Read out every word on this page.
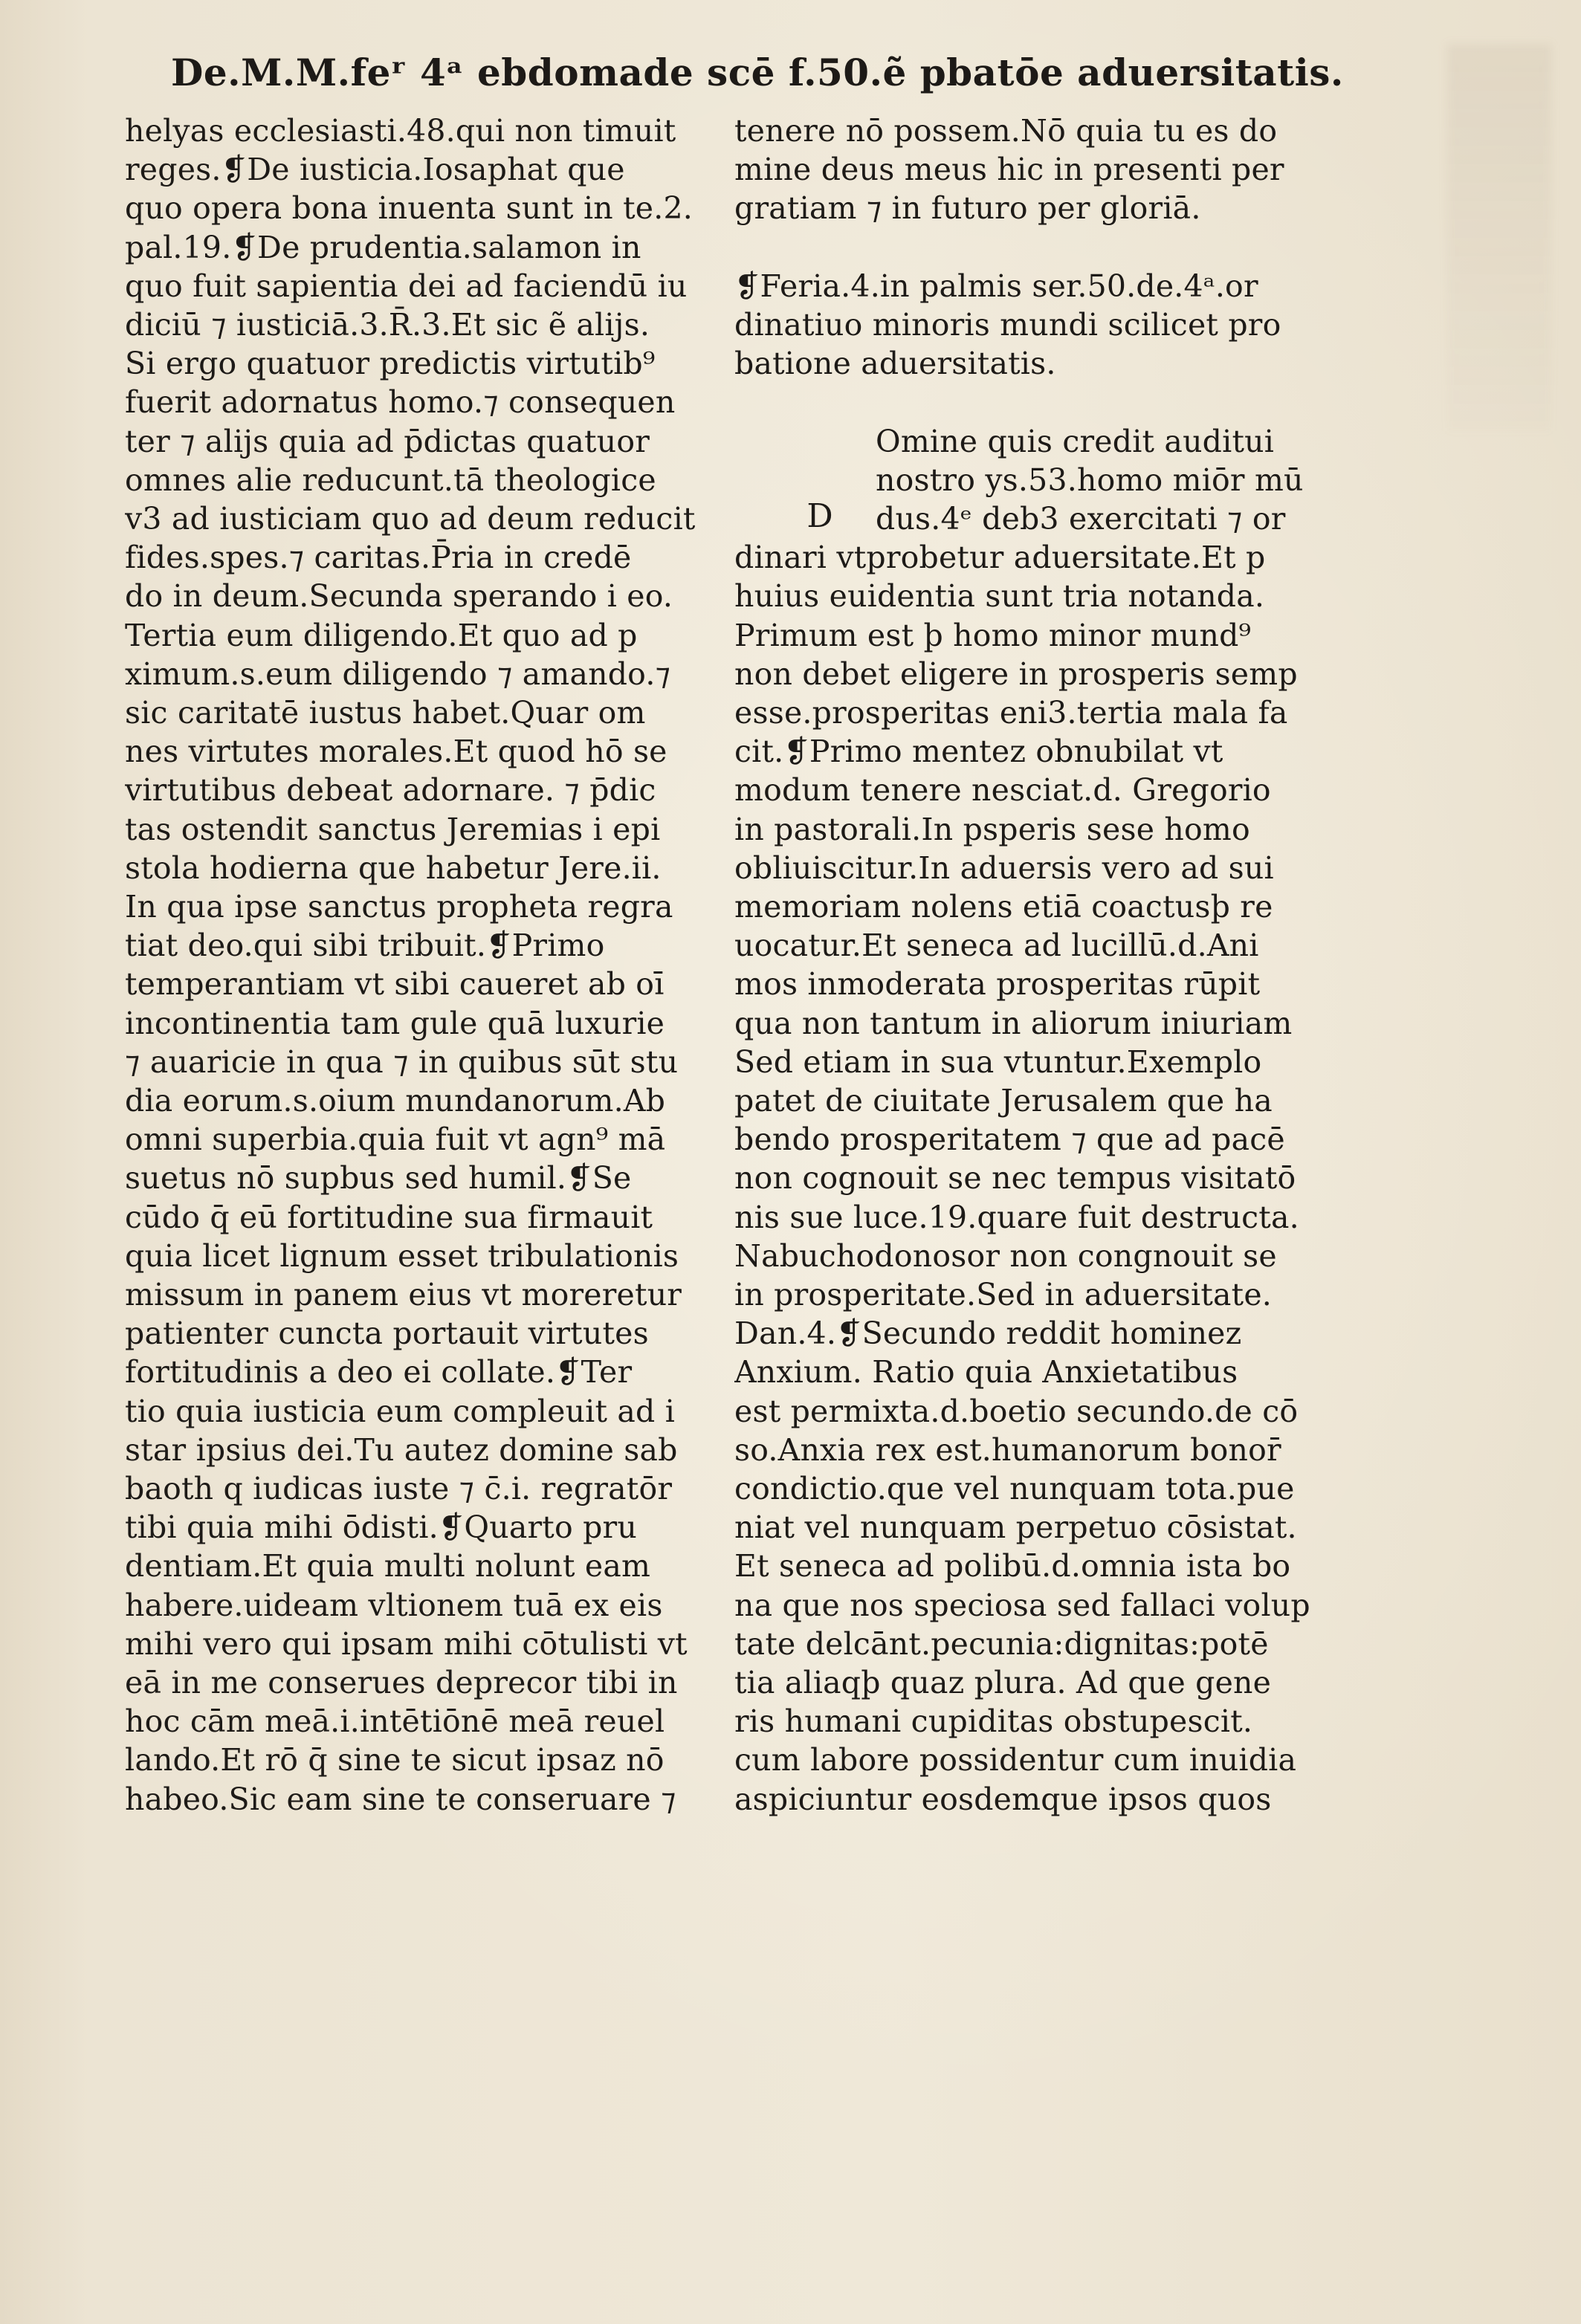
De.M.M.feʳ 4ᵃ ebdomade scē f.50.ẽ pbatōe aduersitatis.
helyas ecclesiasti.48.qui non timuit
reges.❡De iusticia.Iosaphat que
quo opera bona inuenta sunt in te.2.
pal.19.❡De prudentia.salamon in
quo fuit sapientia dei ad faciendū iu
diciū ⁊ iusticiā.3.R̄.3.Et sic ẽ alijs.
Si ergo quatuor predictis virtutib⁹
fuerit adornatus homo.⁊ consequen
ter ⁊ alijs quia ad p̄dictas quatuor
omnes alie reducunt.tā theologice
v3 ad iusticiam quo ad deum reducit
fides.spes.⁊ caritas.P̄ria in credē
do in deum.Secunda sperando i eo.
Tertia eum diligendo.Et quo ad p
ximum.s.eum diligendo ⁊ amando.⁊
sic caritatē iustus habet.Quar om
nes virtutes morales.Et quod hō se
virtutibus debeat adornare. ⁊ p̄dic
tas ostendit sanctus Jeremias i epi
stola hodierna que habetur Jere.ii.
In qua ipse sanctus propheta regra
tiat deo.qui sibi tribuit.❡Primo
temperantiam vt sibi caueret ab oī
incontinentia tam gule quā luxurie
⁊ auaricie in qua ⁊ in quibus sūt stu
dia eorum.s.oium mundanorum.Ab
omni superbia.quia fuit vt agn⁹ mā
suetus nō supbus sed humil.❡Se
cūdo q̄ eū fortitudine sua firmauit
quia licet lignum esset tribulationis
missum in panem eius vt moreretur
patienter cuncta portauit virtutes
fortitudinis a deo ei collate.❡Ter
tio quia iusticia eum compleuit ad i
star ipsius dei.Tu autez domine sab
baoth q iudicas iuste ⁊ c̄.i. regratōr
tibi quia mihi ōdisti.❡Quarto pru
dentiam.Et quia multi nolunt eam
habere.uideam vltionem tuā ex eis
mihi vero qui ipsam mihi cōtulisti vt
eā in me conserues deprecor tibi in
hoc cām meā.i.intētiōnē meā reuel
lando.Et rō q̄ sine te sicut ipsaz nō
habeo.Sic eam sine te conseruare ⁊
D
tenere nō possem.Nō quia tu es do
mine deus meus hic in presenti per
gratiam ⁊ in futuro per gloriā.
❡Feria.4.in palmis ser.50.de.4ᵃ.or
dinatiuo minoris mundi scilicet pro
batione aduersitatis.
Omine quis credit auditui
nostro ys.53.homo miōr mū
dus.4ᵉ deb3 exercitati ⁊ or
dinari vtprobetur aduersitate.Et p
huius euidentia sunt tria notanda.
Primum est þ homo minor mund⁹
non debet eligere in prosperis semp
esse.prosperitas eni3.tertia mala fa
cit.❡Primo mentez obnubilat vt
modum tenere nesciat.d. Gregorio
in pastorali.In psperis sese homo
obliuiscitur.In aduersis vero ad sui
memoriam nolens etiā coactusþ re
uocatur.Et seneca ad lucillū.d.Ani
mos inmoderata prosperitas rūpit
qua non tantum in aliorum iniuriam
Sed etiam in sua vtuntur.Exemplo
patet de ciuitate Jerusalem que ha
bendo prosperitatem ⁊ que ad pacē
non cognouit se nec tempus visitatō
nis sue luce.19.quare fuit destructa.
Nabuchodonosor non congnouit se
in prosperitate.Sed in aduersitate.
Dan.4.❡Secundo reddit hominez
Anxium. Ratio quia Anxietatibus
est permixta.d.boetio secundo.de cō
so.Anxia rex est.humanorum bonor̄
condictio.que vel nunquam tota.pue
niat vel nunquam perpetuo cōsistat.
Et seneca ad polibū.d.omnia ista bo
na que nos speciosa sed fallaci volup
tate delcānt.pecunia:dignitas:potē
tia aliaqþ quaz plura. Ad que gene
ris humani cupiditas obstupescit.
cum labore possidentur cum inuidia
aspiciuntur eosdemque ipsos quos
